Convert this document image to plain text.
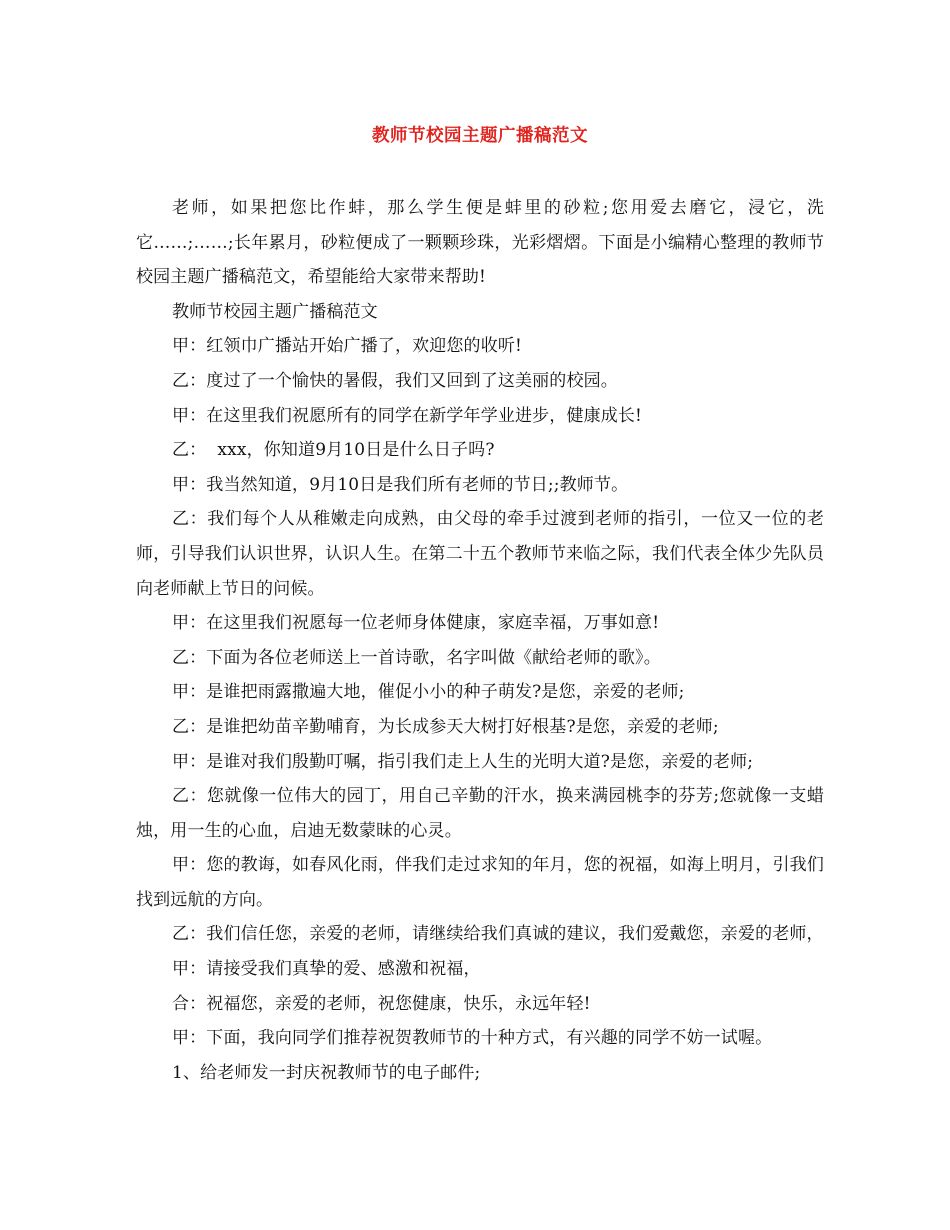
教师节校园主题广播稿范文

老师，如果把您比作蚌，那么学生便是蚌里的砂粒;您用爱去磨它，浸它，洗它……;……;长年累月，砂粒便成了一颗颗珍珠，光彩熠熠。下面是小编精心整理的教师节校园主题广播稿范文，希望能给大家带来帮助!

教师节校园主题广播稿范文

甲：红领巾广播站开始广播了，欢迎您的收听!

乙：度过了一个愉快的暑假，我们又回到了这美丽的校园。

甲：在这里我们祝愿所有的同学在新学年学业进步，健康成长!

乙：  xxx，你知道9月10日是什么日子吗?

甲：我当然知道，9月10日是我们所有老师的节日;;教师节。

乙：我们每个人从稚嫩走向成熟，由父母的牵手过渡到老师的指引，一位又一位的老师，引导我们认识世界，认识人生。在第二十五个教师节来临之际，我们代表全体少先队员向老师献上节日的问候。

甲：在这里我们祝愿每一位老师身体健康，家庭幸福，万事如意!

乙：下面为各位老师送上一首诗歌，名字叫做《献给老师的歌》。

甲：是谁把雨露撒遍大地，催促小小的种子萌发?是您，亲爱的老师;

乙：是谁把幼苗辛勤哺育，为长成参天大树打好根基?是您，亲爱的老师;

甲：是谁对我们殷勤叮嘱，指引我们走上人生的光明大道?是您，亲爱的老师;

乙：您就像一位伟大的园丁，用自己辛勤的汗水，换来满园桃李的芬芳;您就像一支蜡烛，用一生的心血，启迪无数蒙昧的心灵。

甲：您的教诲，如春风化雨，伴我们走过求知的年月，您的祝福，如海上明月，引我们找到远航的方向。

乙：我们信任您，亲爱的老师，请继续给我们真诚的建议，我们爱戴您，亲爱的老师，

甲：请接受我们真挚的爱、感激和祝福，

合：祝福您，亲爱的老师，祝您健康，快乐，永远年轻!

甲：下面，我向同学们推荐祝贺教师节的十种方式，有兴趣的同学不妨一试喔。

1、给老师发一封庆祝教师节的电子邮件;
